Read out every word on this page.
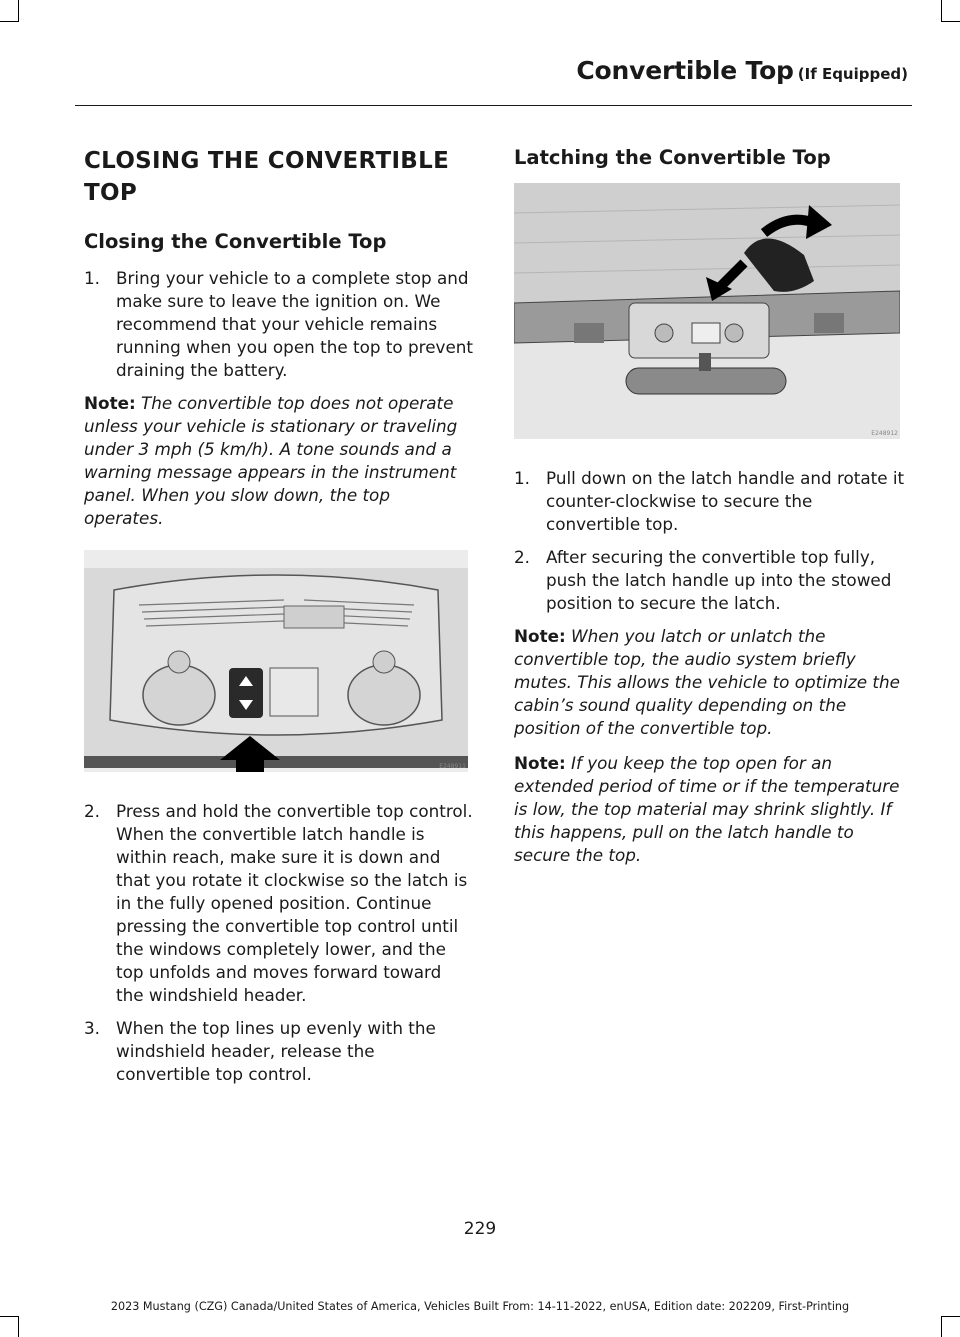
Convertible Top (If Equipped)
CLOSING THE CONVERTIBLE TOP
Closing the Convertible Top
1. Bring your vehicle to a complete stop and make sure to leave the ignition on. We recommend that your vehicle remains running when you open the top to prevent draining the battery.

Note: The convertible top does not operate unless your vehicle is stationary or traveling under 3 mph (5 km/h). A tone sounds and a warning message appears in the instrument panel. When you slow down, the top operates.

E248911
2. Press and hold the convertible top control. When the convertible latch handle is within reach, make sure it is down and that you rotate it clockwise so the latch is in the fully opened position. Continue pressing the convertible top control until the windows completely lower, and the top unfolds and moves forward toward the windshield header.
3. When the top lines up evenly with the windshield header, release the convertible top control.
Latching the Convertible Top
E248912
1. Pull down on the latch handle and rotate it counter-clockwise to secure the convertible top.
2. After securing the convertible top fully, push the latch handle up into the stowed position to secure the latch.

Note: When you latch or unlatch the convertible top, the audio system briefly mutes. This allows the vehicle to optimize the cabin’s sound quality depending on the position of the convertible top.

Note: If you keep the top open for an extended period of time or if the temperature is low, the top material may shrink slightly. If this happens, pull on the latch handle to secure the top.

229
2023 Mustang (CZG) Canada/United States of America, Vehicles Built From: 14-11-2022, enUSA, Edition date: 202209, First-Printing
